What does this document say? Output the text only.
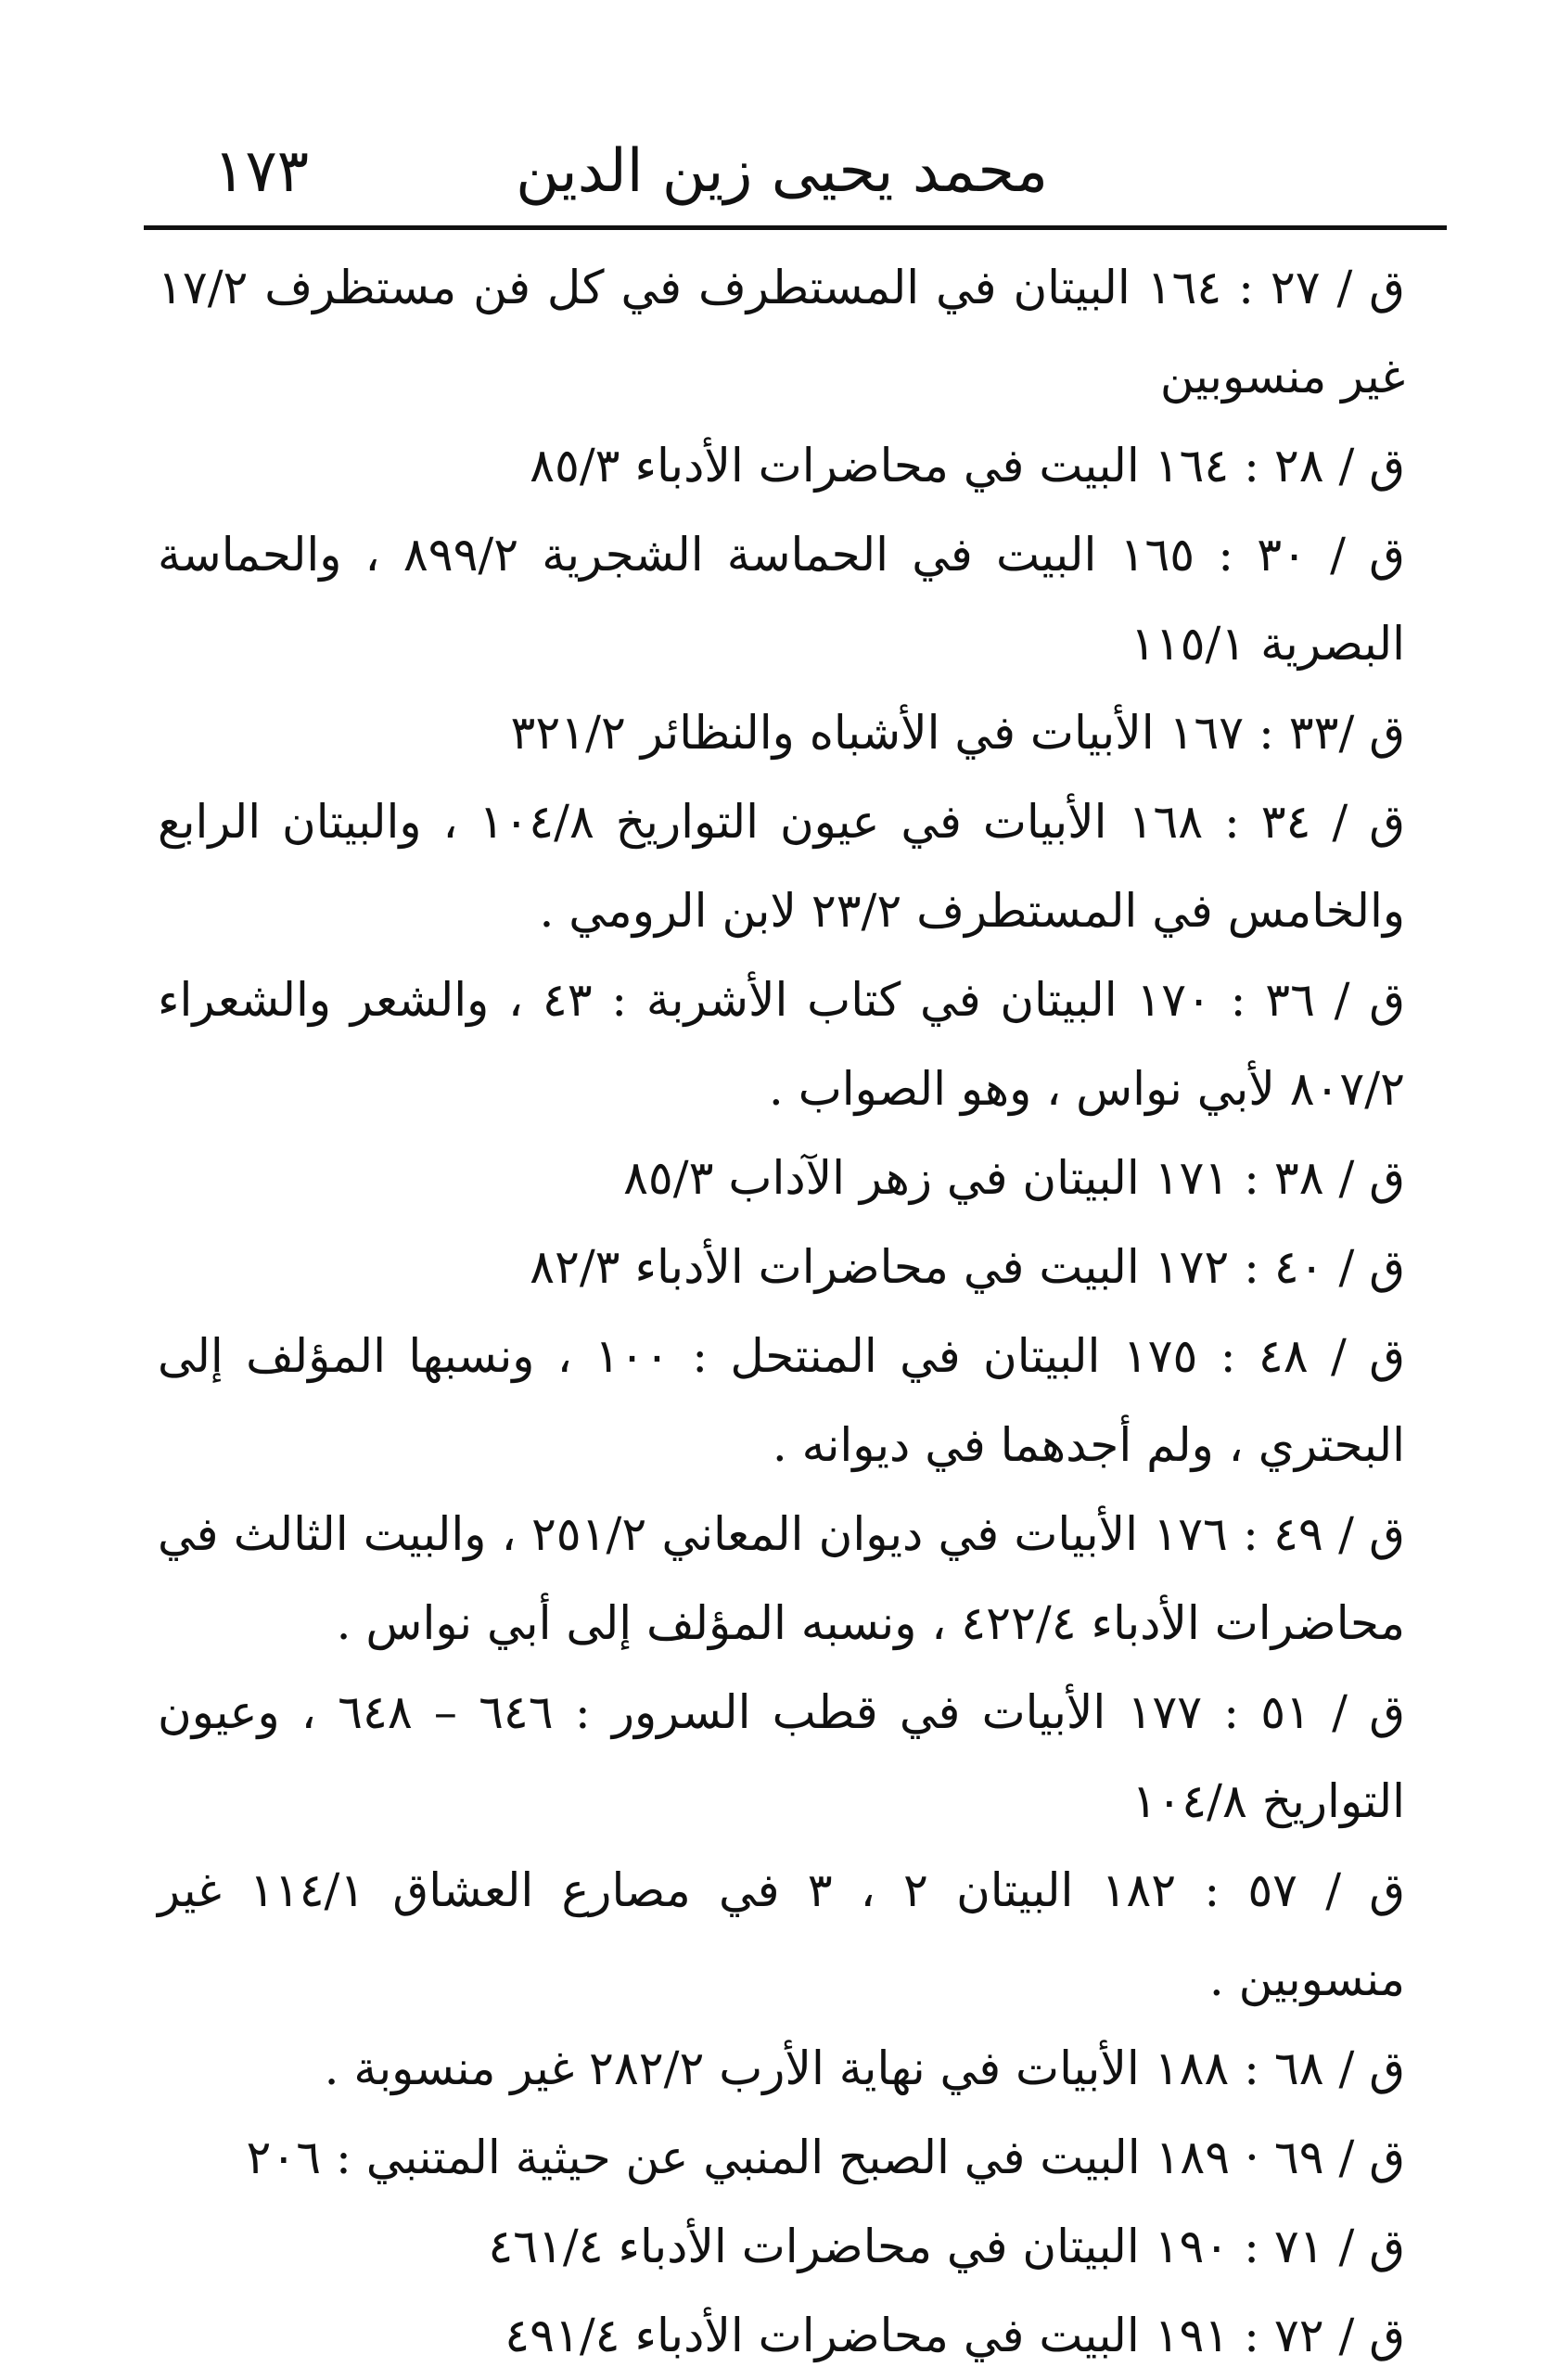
محمد يحيى زين الدين
١٧٣

ق / ٢٧ : ١٦٤ البيتان في المستطرف في كل فن مستظرف ١٧/٢ غير منسوبين

ق / ٢٨ : ١٦٤ البيت في محاضرات الأدباء ٨٥/٣

ق / ٣٠ : ١٦٥ البيت في الحماسة الشجرية ٨٩٩/٢ ، والحماسة البصرية ١١٥/١

ق /٣٣ : ١٦٧ الأبيات في الأشباه والنظائر ٣٢١/٢

ق / ٣٤ : ١٦٨ الأبيات في عيون التواريخ ١٠٤/٨ ، والبيتان الرابع والخامس في المستطرف ٢٣/٢ لابن الرومي .

ق / ٣٦ : ١٧٠ البيتان في كتاب الأشربة : ٤٣ ، والشعر والشعراء ٨٠٧/٢ لأبي نواس ، وهو الصواب .

ق / ٣٨ : ١٧١ البيتان في زهر الآداب ٨٥/٣

ق / ٤٠ : ١٧٢ البيت في محاضرات الأدباء ٨٢/٣

ق / ٤٨ : ١٧٥ البيتان في المنتحل : ١٠٠ ، ونسبها المؤلف إلى البحتري ، ولم أجدهما في ديوانه .

ق / ٤٩ : ١٧٦ الأبيات في ديوان المعاني ٢٥١/٢ ، والبيت الثالث في محاضرات الأدباء ٤٢٢/٤ ، ونسبه المؤلف إلى أبي نواس .

ق / ٥١ : ١٧٧ الأبيات في قطب السرور : ٦٤٦ – ٦٤٨ ، وعيون التواريخ ١٠٤/٨

ق / ٥٧ : ١٨٢ البيتان ٢ ، ٣ في مصارع العشاق ١١٤/١ غير منسوبين .

ق / ٦٨ : ١٨٨ الأبيات في نهاية الأرب ٢٨٢/٢ غير منسوبة .

ق / ٦٩ · ١٨٩ البيت في الصبح المنبي عن حيثية المتنبي : ٢٠٦

ق / ٧١ : ١٩٠ البيتان في محاضرات الأدباء ٤٦١/٤

ق / ٧٢ : ١٩١ البيت في محاضرات الأدباء ٤٩١/٤
